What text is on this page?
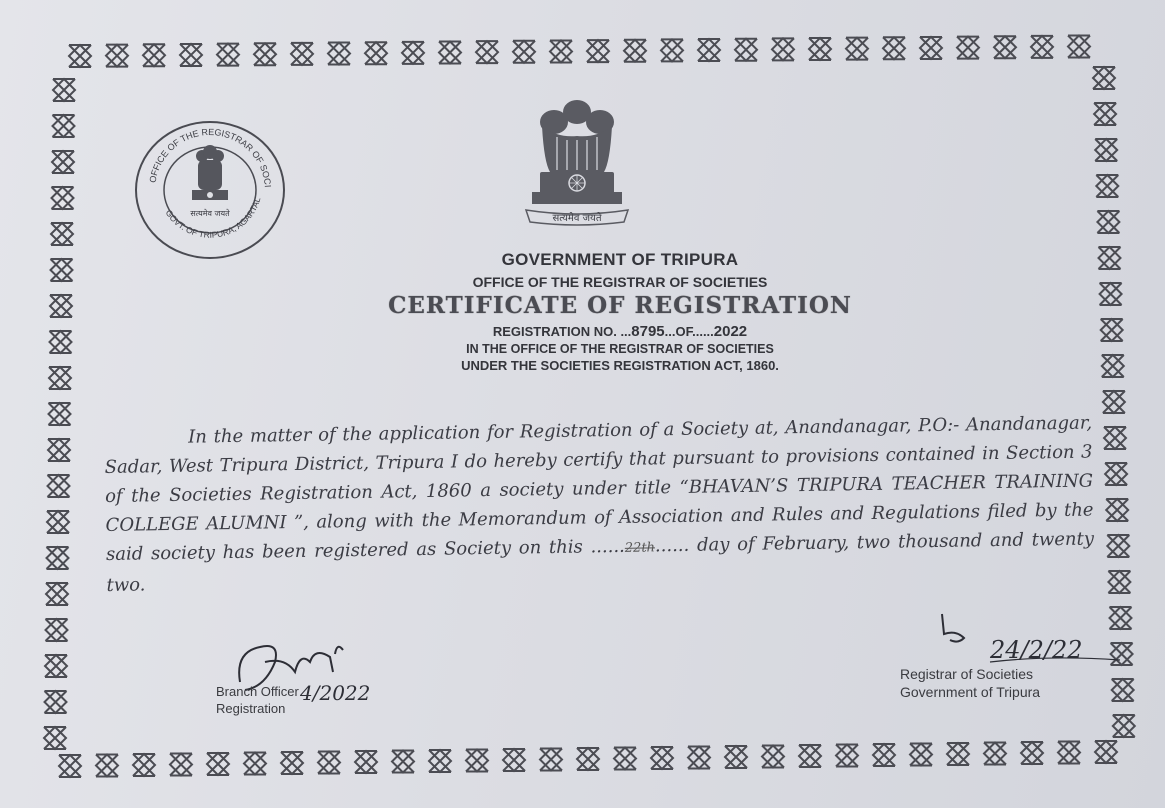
OFFICE OF THE REGISTRAR OF SOCI
GOVT. OF TRIPURA, AGARTAL
सत्यमेव जयते	सत्यमेव जयते
GOVERNMENT OF TRIPURA
OFFICE OF THE REGISTRAR OF SOCIETIES
CERTIFICATE OF REGISTRATION
REGISTRATION NO. ...8795...OF......2022
IN THE OFFICE OF THE REGISTRAR OF SOCIETIES
UNDER THE SOCIETIES REGISTRATION ACT, 1860.

In the matter of the application for Registration of a Society at, Anandanagar, P.O:- Anandanagar, Sadar, West Tripura District, Tripura I do hereby certify that pursuant to provisions contained in Section 3 of the Societies Registration Act, 1860 a society under title “BHAVAN’S TRIPURA TEACHER TRAINING COLLEGE ALUMNI ”, along with the Memorandum of Association and Rules and Regulations filed by the said society has been registered as Society on this ......22th...... day of February, two thousand and twenty two.

4/2022
Branch Officer
Registration
24/2/22
Registrar of Societies
Government of Tripura
